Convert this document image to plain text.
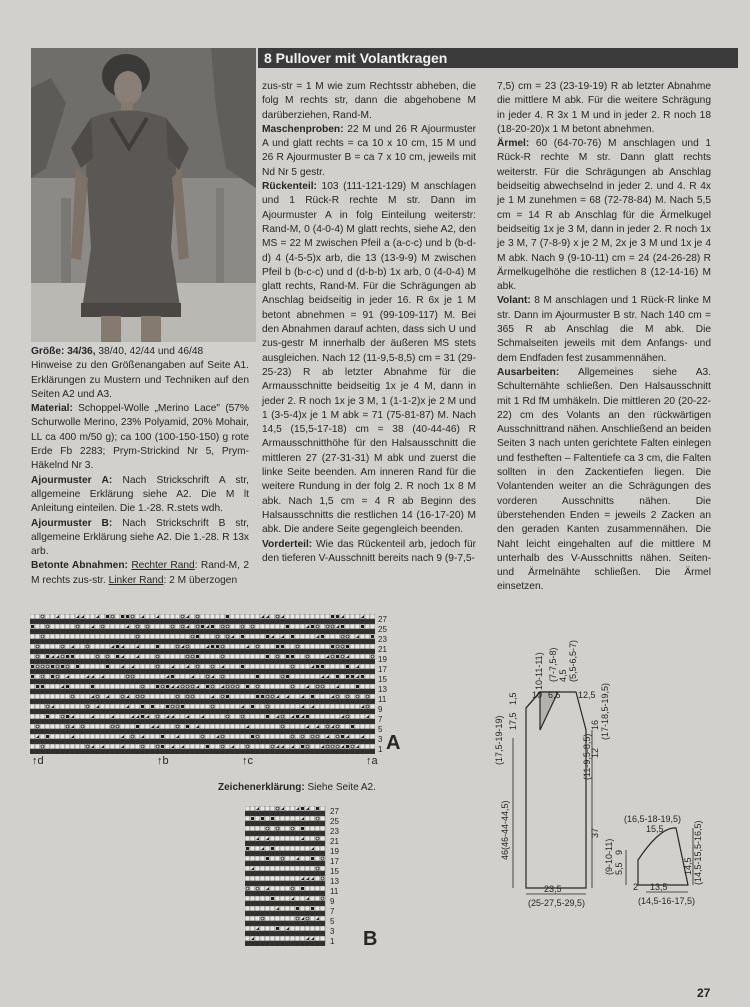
8 Pullover mit Volantkragen

Größe: 34/36, 38/40, 42/44 und 46/48

Hinweise zu den Größenangaben auf Seite A1. Erklärungen zu Mustern und Techniken auf den Seiten A2 und A3.

Material: Schoppel-Wolle „Merino Lace" (57% Schurwolle Merino, 23% Polyamid, 20% Mohair, LL ca 400 m/50 g); ca 100 (100-150-150) g rote Erde Fb 2283; Prym-Strickind Nr 5, Prym-Häkelnd Nr 3.

Ajourmuster A: Nach Strickschrift A str, allgemeine Erklärung siehe A2. Die M lt Anleitung einteilen. Die 1.-28. R.stets wdh.

Ajourmuster B: Nach Strickschrift B str, allgemeine Erklärung siehe A2. Die 1.-28. R 13x arb.

Betonte Abnahmen: Rechter Rand: Rand-M, 2 M rechts zus-str. Linker Rand: 2 M überzogen

zus-str = 1 M wie zum Rechtsstr abheben, die folg M rechts str, dann die abgehobene M darüberziehen, Rand-M.

Maschenproben: 22 M und 26 R Ajourmuster A und glatt rechts = ca 10 x 10 cm, 15 M und 26 R Ajourmuster B = ca 7 x 10 cm, jeweils mit Nd Nr 5 gestr.

Rückenteil: 103 (111-121-129) M anschlagen und 1 Rück-R rechte M str. Dann im Ajourmuster A in folg Einteilung weiterstr: Rand-M, 0 (4-0-4) M glatt rechts, siehe A2, den MS = 22 M zwischen Pfeil a (a-c-c) und b (b-d-d) 4 (4-5-5)x arb, die 13 (13-9-9) M zwischen Pfeil b (b-c-c) und d (d-b-b) 1x arb, 0 (4-0-4) M glatt rechts, Rand-M. Für die Schrägungen ab Anschlag beidseitig in jeder 16. R 6x je 1 M betont abnehmen = 91 (99-109-117) M. Bei den Abnahmen darauf achten, dass sich U und zus-gestr M innerhalb der äußeren MS stets ausgleichen. Nach 12 (11-9,5-8,5) cm = 31 (29-25-23) R ab letzter Abnahme für die Armausschnitte beidseitig 1x je 4 M, dann in jeder 2. R noch 1x je 3 M, 1 (1-1-2)x je 2 M und 1 (3-5-4)x je 1 M abk = 71 (75-81-87) M. Nach 14,5 (15,5-17-18) cm = 38 (40-44-46) R Armausschnitthöhe für den Halsausschnitt die mittleren 27 (27-31-31) M abk und zuerst die linke Seite beenden. Am inneren Rand für die weitere Rundung in der folg 2. R noch 1x 8 M abk. Nach 1,5 cm = 4 R ab Beginn des Halsausschnitts die restlichen 14 (16-17-20) M abk. Die andere Seite gegengleich beenden.

Vorderteil: Wie das Rückenteil arb, jedoch für den tieferen V-Ausschnitt bereits nach 9 (9-7,5-

7,5) cm = 23 (23-19-19) R ab letzter Abnahme die mittlere M abk. Für die weitere Schrägung in jeder 4. R 3x 1 M und in jeder 2. R noch 18 (18-20-20)x 1 M betont abnehmen.

Ärmel: 60 (64-70-76) M anschlagen und 1 Rück-R rechte M str. Dann glatt rechts weiterstr. Für die Schrägungen ab Anschlag beidseitig abwechselnd in jeder 2. und 4. R 4x je 1 M zunehmen = 68 (72-78-84) M. Nach 5,5 cm = 14 R ab Anschlag für die Ärmelkugel beidseitig 1x je 3 M, dann in jeder 2. R noch 1x je 3 M, 7 (7-8-9) x je 2 M, 2x je 3 M und 1x je 4 M abk. Nach 9 (9-10-11) cm = 24 (24-26-28) R Ärmelkugelhöhe die restlichen 8 (12-14-16) M abk.

Volant: 8 M anschlagen und 1 Rück-R linke M str. Dann im Ajourmuster B str. Nach 140 cm = 365 R ab Anschlag die M abk. Die Schmalseiten jeweils mit dem Anfangs- und dem Endfaden fest zusammennähen.

Ausarbeiten: Allgemeines siehe A3. Schulternähte schließen. Den Halsausschnitt mit 1 Rd fM umhäkeln. Die mittleren 20 (20-22-22) cm des Volants an den rückwärtigen Ausschnittrand nähen. Anschließend an beiden Seiten 3 nach unten gerichtete Falten einlegen und festheften – Faltentiefe ca 3 cm, die Falten sollten in den Zackentiefen liegen. Die Volantenden weiter an die Schrägungen des vorderen Ausschnitts nähen. Die überstehenden Enden = jeweils 2 Zacken an den geraden Kanten zusammennähen. Die Naht leicht eingehalten auf die mittlere M unterhalb des V-Ausschnitts nähen. Seiten- und Ärmelnähte schließen. Die Ärmel einsetzen.

27
25
23
21
19
17
15
13
11
9
7
5
3
1 A
↑d	↑b	↑c	↑a
Zeichenerklärung: Siehe Seite A2.
27
25
23
21
19
17
15
13
11
9
7
5
3
1 B
10-11-11) (7-7,5-8) 4,5 (5,5-6,5-7)
10 6,5 12,5
(17,5-19-19) 17,5
1,5
16 (17-18,5-19,5)
12
(11-9,5-8,5)
46(46-44-44,5)	37
23,5
(25-27,5-29,5)
(16,5-18-19,5)
15,5
(9-10-11) 9
5,5	14,5 (14,5-15,5-16,5)
13,5
2
(14,5-16-17,5)
27
